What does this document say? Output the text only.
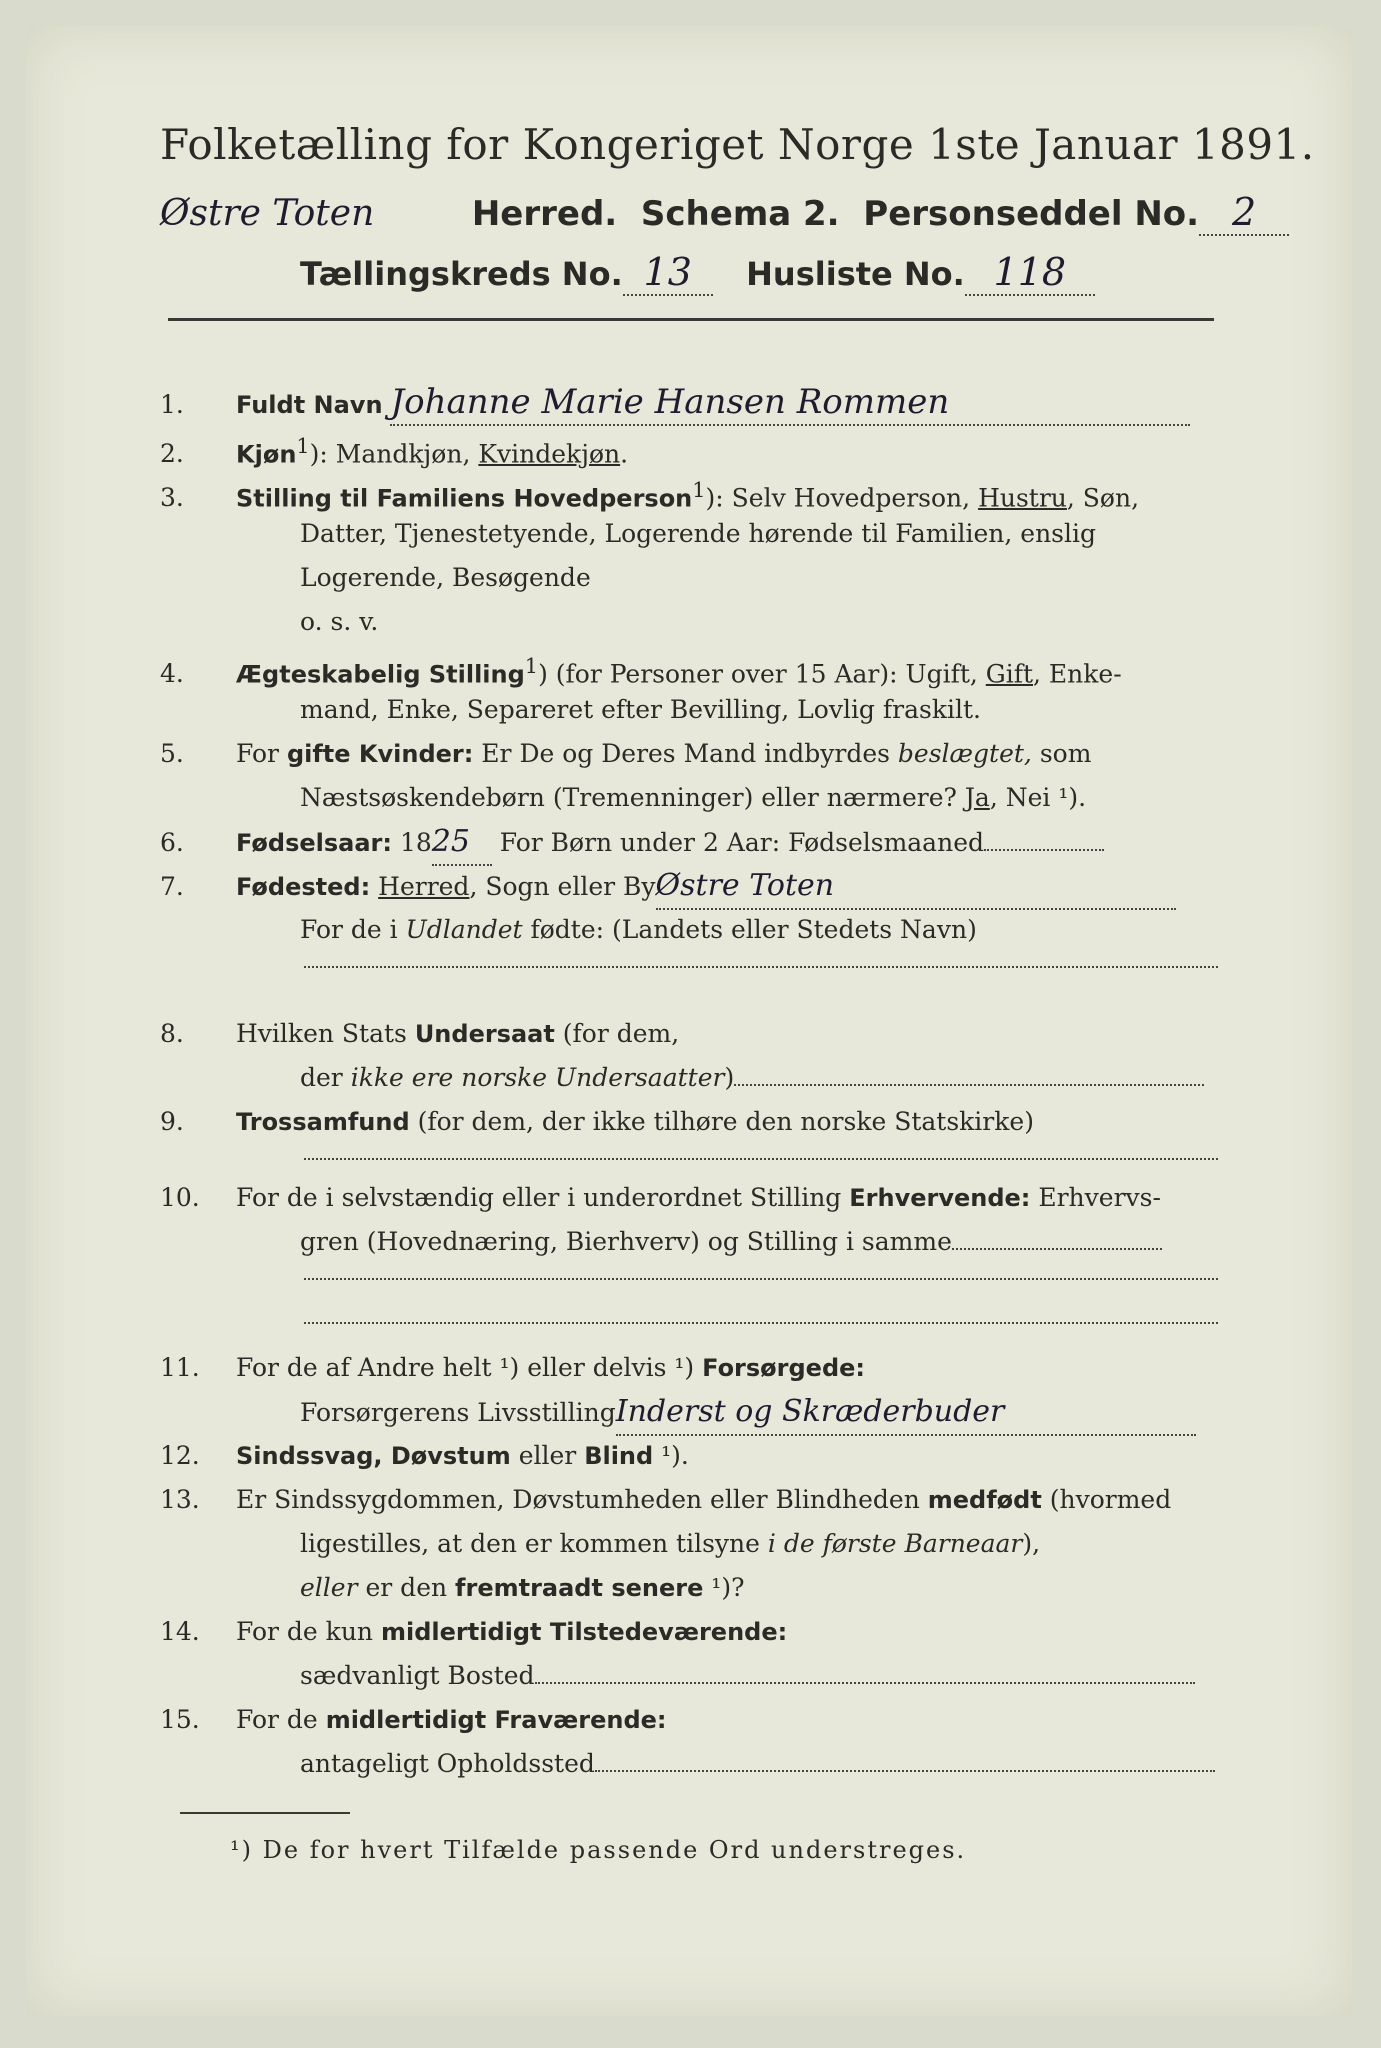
Folketælling for Kongeriget Norge 1ste Januar 1891.
Østre Toten	Herred. Schema 2. Personseddel No. 2
Tællingskreds No. 13 Husliste No. 118
1. Fuldt Navn Johanne Marie Hansen Rommen
2. Kjøn$^1$): Mandkjøn, Kvindekjøn.
3. Stilling til Familiens Hovedperson$^1$): Selv Hovedperson, Hustru, Søn,
Datter, Tjenestetyende, Logerende hørende til Familien, enslig
Logerende, Besøgende
o. s. v.
4. Ægteskabelig Stilling$^1$) (for Personer over 15 Aar): Ugift, Gift, Enke-
mand, Enke, Separeret efter Bevilling, Lovlig fraskilt.
5. For gifte Kvinder: Er De og Deres Mand indbyrdes beslægtet, som
Næstsøskendebørn (Tremenninger) eller nærmere? Ja, Nei ¹).
6. Fødselsaar: 1825 For Børn under 2 Aar: Fødselsmaaned
7. Fødested: Herred, Sogn eller ByØstre Toten
For de i Udlandet fødte: (Landets eller Stedets Navn)
8. Hvilken Stats Undersaat (for dem,
der ikke ere norske Undersaatter)
9. Trossamfund (for dem, der ikke tilhøre den norske Statskirke)
10. For de i selvstændig eller i underordnet Stilling Erhvervende: Erhvervs-
gren (Hovednæring, Bierhverv) og Stilling i samme
11. For de af Andre helt ¹) eller delvis ¹) Forsørgede:
Forsørgerens LivsstillingInderst og Skræderbuder
12. Sindssvag, Døvstum eller Blind ¹).
13. Er Sindssygdommen, Døvstumheden eller Blindheden medfødt (hvormed
ligestilles, at den er kommen tilsyne i de første Barneaar),
eller er den fremtraadt senere ¹)?
14. For de kun midlertidigt Tilstedeværende:
sædvanligt Bosted
15. For de midlertidigt Fraværende:
antageligt Opholdssted
¹) De for hvert Tilfælde passende Ord understreges.
